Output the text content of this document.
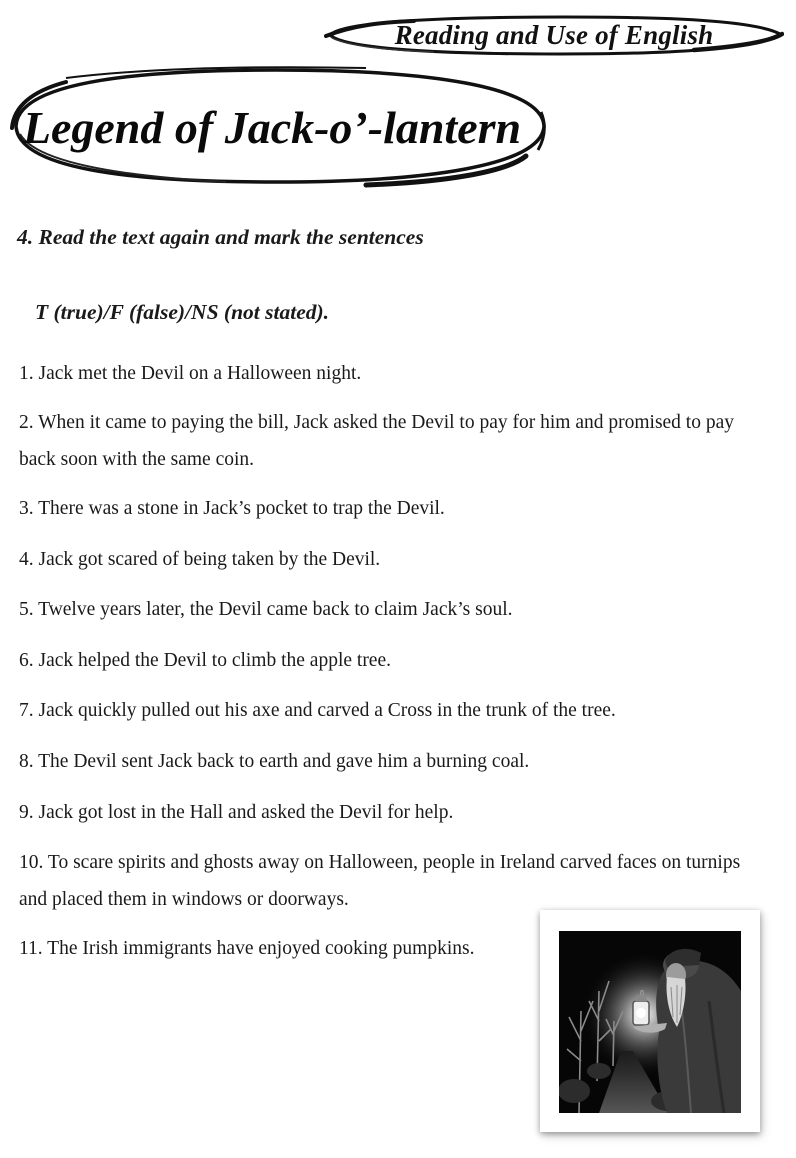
Reading and Use of English
Legend of Jack-o’-lantern
4. Read the text again and mark the sentences
T (true)/F (false)/NS (not stated).
1. Jack met the Devil on a Halloween night.
2. When it came to paying the bill, Jack asked the Devil to pay for him and promised to pay back soon with the same coin.
3. There was a stone in Jack’s pocket to trap the Devil.
4. Jack got scared of being taken by the Devil.
5. Twelve years later, the Devil came back to claim Jack’s soul.
6. Jack helped the Devil to climb the apple tree.
7. Jack quickly pulled out his axe and carved a Cross in the trunk of the tree.
8. The Devil sent Jack back to earth and gave him a burning coal.
9. Jack got lost in the Hall and asked the Devil for help.
10. To scare spirits and ghosts away on Halloween, people in Ireland carved faces on turnips and placed them in windows or doorways.
11. The Irish immigrants have enjoyed cooking pumpkins.
